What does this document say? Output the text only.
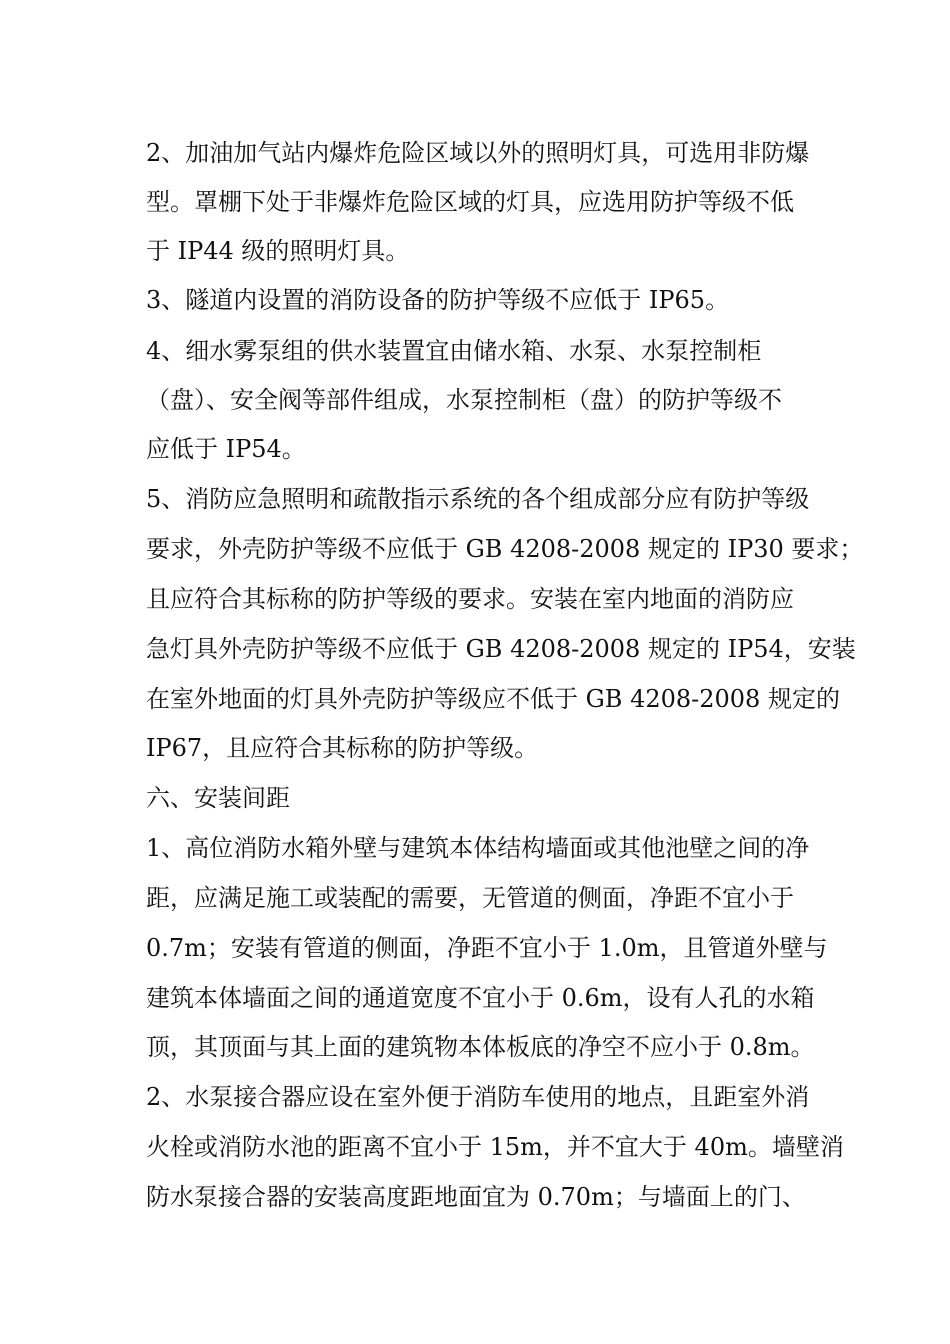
2、加油加气站内爆炸危险区域以外的照明灯具，可选用非防爆
型。罩棚下处于非爆炸危险区域的灯具，应选用防护等级不低
于 IP44 级的照明灯具。
3、隧道内设置的消防设备的防护等级不应低于 IP65。
4、细水雾泵组的供水装置宜由储水箱、水泵、水泵控制柜
（盘）、安全阀等部件组成，水泵控制柜（盘）的防护等级不
应低于 IP54。
5、消防应急照明和疏散指示系统的各个组成部分应有防护等级
要求，外壳防护等级不应低于 GB 4208-2008 规定的 IP30 要求；
且应符合其标称的防护等级的要求。安装在室内地面的消防应
急灯具外壳防护等级不应低于 GB 4208-2008 规定的 IP54，安装
在室外地面的灯具外壳防护等级应不低于 GB 4208-2008 规定的
IP67，且应符合其标称的防护等级。
六、安装间距
1、高位消防水箱外壁与建筑本体结构墙面或其他池壁之间的净
距，应满足施工或装配的需要，无管道的侧面，净距不宜小于
0.7m；安装有管道的侧面，净距不宜小于 1.0m，且管道外壁与
建筑本体墙面之间的通道宽度不宜小于 0.6m，设有人孔的水箱
顶，其顶面与其上面的建筑物本体板底的净空不应小于 0.8m。
2、水泵接合器应设在室外便于消防车使用的地点，且距室外消
火栓或消防水池的距离不宜小于 15m，并不宜大于 40m。墙壁消
防水泵接合器的安装高度距地面宜为 0.70m；与墙面上的门、
